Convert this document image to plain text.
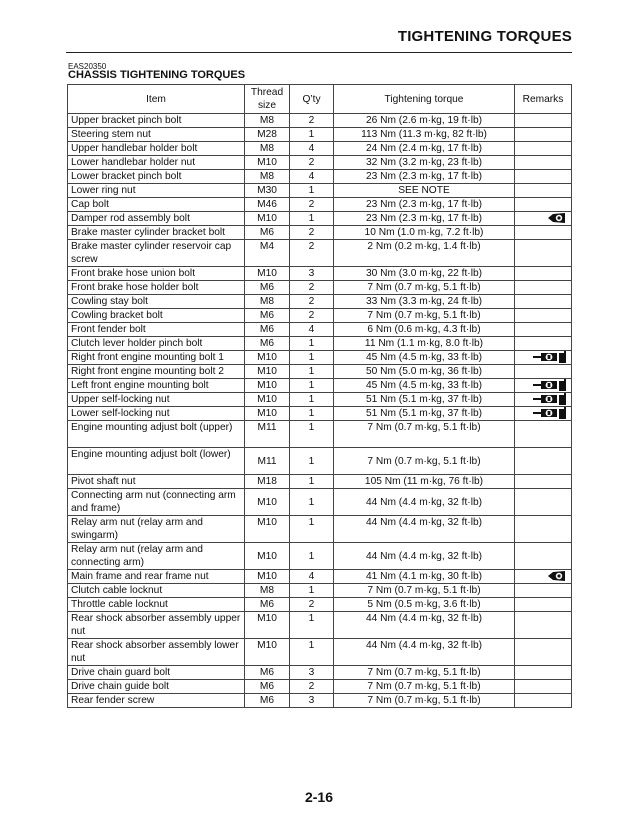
TIGHTENING TORQUES
EAS20350
CHASSIS TIGHTENING TORQUES
Item	Thread size	Q’ty	Tightening torque	Remarks
Upper bracket pinch bolt	M8	2	26 Nm (2.6 m·kg, 19 ft·lb)	
Steering stem nut	M28	1	113 Nm (11.3 m·kg, 82 ft·lb)	
Upper handlebar holder bolt	M8	4	24 Nm (2.4 m·kg, 17 ft·lb)	
Lower handlebar holder nut	M10	2	32 Nm (3.2 m·kg, 23 ft·lb)	
Lower bracket pinch bolt	M8	4	23 Nm (2.3 m·kg, 17 ft·lb)	
Lower ring nut	M30	1	SEE NOTE	
Cap bolt	M46	2	23 Nm (2.3 m·kg, 17 ft·lb)	
Damper rod assembly bolt	M10	1	23 Nm (2.3 m·kg, 17 ft·lb)	
Brake master cylinder bracket bolt	M6	2	10 Nm (1.0 m·kg, 7.2 ft·lb)	
Brake master cylinder reservoir cap screw	M4	2	2 Nm (0.2 m·kg, 1.4 ft·lb)	
Front brake hose union bolt	M10	3	30 Nm (3.0 m·kg, 22 ft·lb)	
Front brake hose holder bolt	M6	2	7 Nm (0.7 m·kg, 5.1 ft·lb)	
Cowling stay bolt	M8	2	33 Nm (3.3 m·kg, 24 ft·lb)	
Cowling bracket bolt	M6	2	7 Nm (0.7 m·kg, 5.1 ft·lb)	
Front fender bolt	M6	4	6 Nm (0.6 m·kg, 4.3 ft·lb)	
Clutch lever holder pinch bolt	M6	1	11 Nm (1.1 m·kg, 8.0 ft·lb)	
Right front engine mounting bolt 1	M10	1	45 Nm (4.5 m·kg, 33 ft·lb)	
Right front engine mounting bolt 2	M10	1	50 Nm (5.0 m·kg, 36 ft·lb)	
Left front engine mounting bolt	M10	1	45 Nm (4.5 m·kg, 33 ft·lb)	
Upper self-locking nut	M10	1	51 Nm (5.1 m·kg, 37 ft·lb)	
Lower self-locking nut	M10	1	51 Nm (5.1 m·kg, 37 ft·lb)	
Engine mounting adjust bolt (upper)	M11	1	7 Nm (0.7 m·kg, 5.1 ft·lb)	
Engine mounting adjust bolt (lower)	M11	1	7 Nm (0.7 m·kg, 5.1 ft·lb)	
Pivot shaft nut	M18	1	105 Nm (11 m·kg, 76 ft·lb)	
Connecting arm nut (connecting arm and frame)	M10	1	44 Nm (4.4 m·kg, 32 ft·lb)	
Relay arm nut (relay arm and swingarm)	M10	1	44 Nm (4.4 m·kg, 32 ft·lb)	
Relay arm nut (relay arm and connecting arm)	M10	1	44 Nm (4.4 m·kg, 32 ft·lb)	
Main frame and rear frame nut	M10	4	41 Nm (4.1 m·kg, 30 ft·lb)	
Clutch cable locknut	M8	1	7 Nm (0.7 m·kg, 5.1 ft·lb)	
Throttle cable locknut	M6	2	5 Nm (0.5 m·kg, 3.6 ft·lb)	
Rear shock absorber assembly upper nut	M10	1	44 Nm (4.4 m·kg, 32 ft·lb)	
Rear shock absorber assembly lower nut	M10	1	44 Nm (4.4 m·kg, 32 ft·lb)	
Drive chain guard bolt	M6	3	7 Nm (0.7 m·kg, 5.1 ft·lb)	
Drive chain guide bolt	M6	2	7 Nm (0.7 m·kg, 5.1 ft·lb)	
Rear fender screw	M6	3	7 Nm (0.7 m·kg, 5.1 ft·lb)	
2-16
